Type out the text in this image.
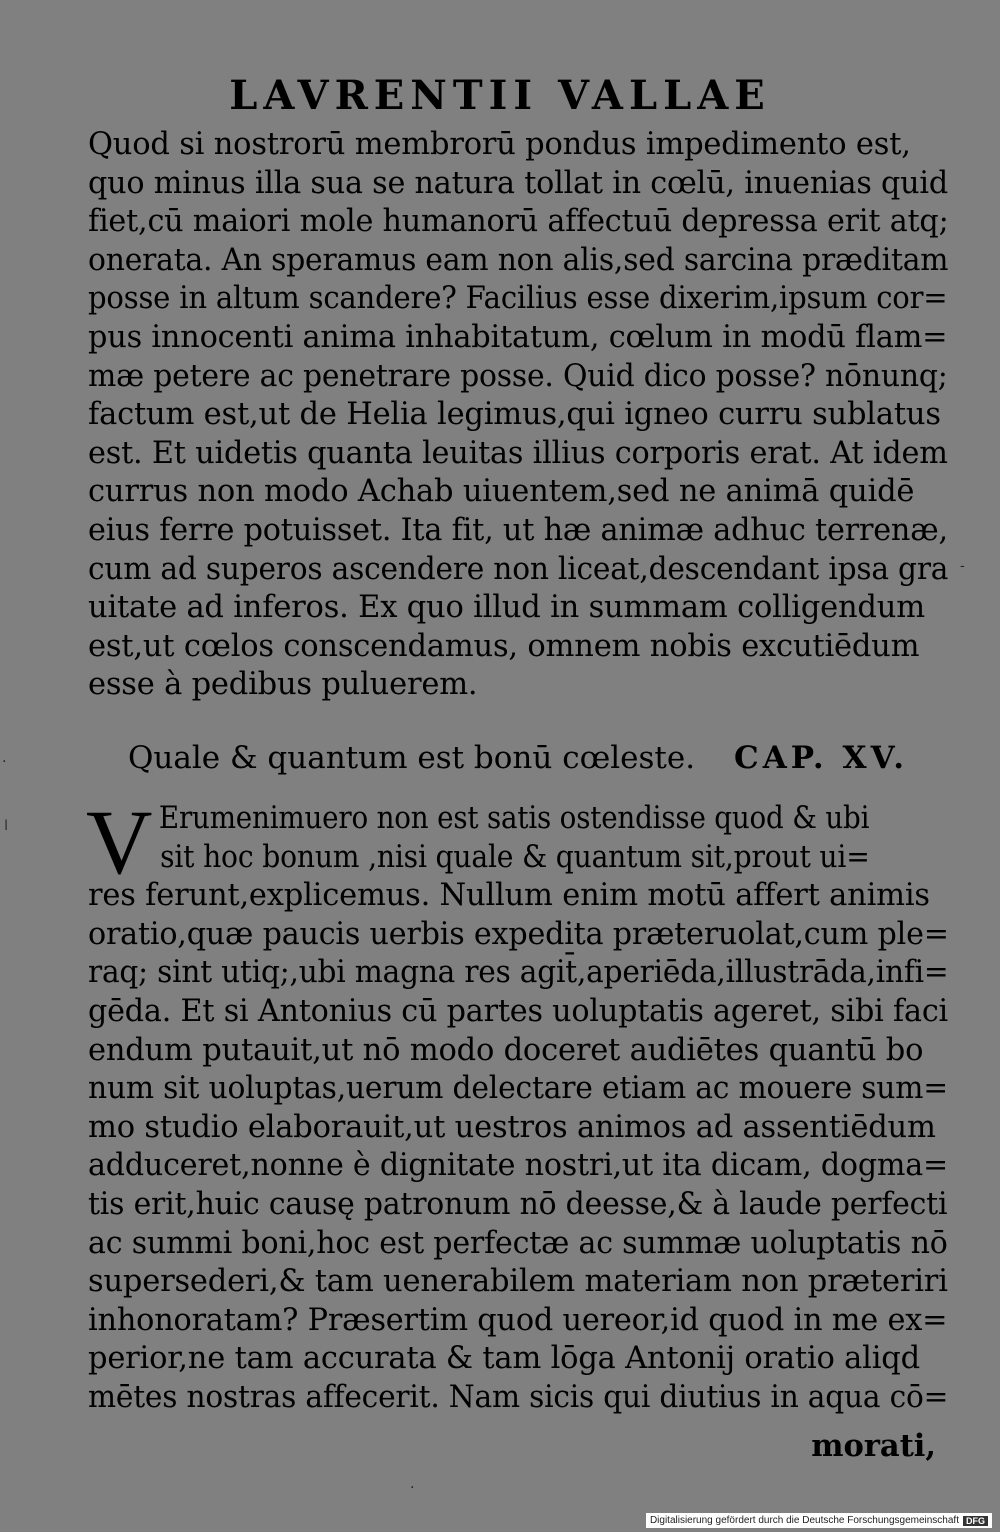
LAVRENTII VALLAE
Quod si nostrorū membrorū pondus impedimento est,
quo minus illa sua se natura tollat in cœlū, inuenias quid
fiet,cū maiori mole humanorū affectuū depressa erit atq;
onerata. An speramus eam non alis,sed sarcina præditam
posse in altum scandere? Facilius esse dixerim,ipsum cor=
pus innocenti anima inhabitatum, cœlum in modū flam=
mæ petere ac penetrare posse. Quid dico posse? nōnunq;
factum est,ut de Helia legimus,qui igneo curru sublatus
est. Et uidetis quanta leuitas illius corporis erat. At idem
currus non modo Achab uiuentem,sed ne animā quidē
eius ferre potuisset. Ita fit, ut hæ animæ adhuc terrenæ,
cum ad superos ascendere non liceat,descendant ipsa gra
uitate ad inferos. Ex quo illud in summam colligendum
est,ut cœlos conscendamus, omnem nobis excutiēdum
esse à pedibus puluerem.
Quale & quantum est bonū cœleste. CAP. XV.
V Erumenimuero non est satis ostendisse quod & ubi
sit hoc bonum ,nisi quale & quantum sit,prout ui=
res ferunt,explicemus. Nullum enim motū affert animis
oratio,quæ paucis uerbis expedita præteruolat,cum ple=
raq; sint utiq;,ubi magna res agit̄,aperiēda,illustrāda,infi=
gēda. Et si Antonius cū partes uoluptatis ageret, sibi faci
endum putauit,ut nō modo doceret audiētes quantū bo
num sit uoluptas,uerum delectare etiam ac mouere sum=
mo studio elaborauit,ut uestros animos ad assentiēdum
adduceret,nonne è dignitate nostri,ut ita dicam, dogma=
tis erit,huic causę patronum nō deesse,& à laude perfecti
ac summi boni,hoc est perfectæ ac summæ uoluptatis nō
supersederi,& tam uenerabilem materiam non præteriri
inhonoratam? Præsertim quod uereor,id quod in me ex=
perior,ne tam accurata & tam lōga Antonij oratio aliqd
mētes nostras affecerit. Nam sicis qui diutius in aqua cō=
morati,
·
ǀ
‑
·
Digitalisierung gefördert durch die Deutsche Forschungsgemeinschaft DFG
